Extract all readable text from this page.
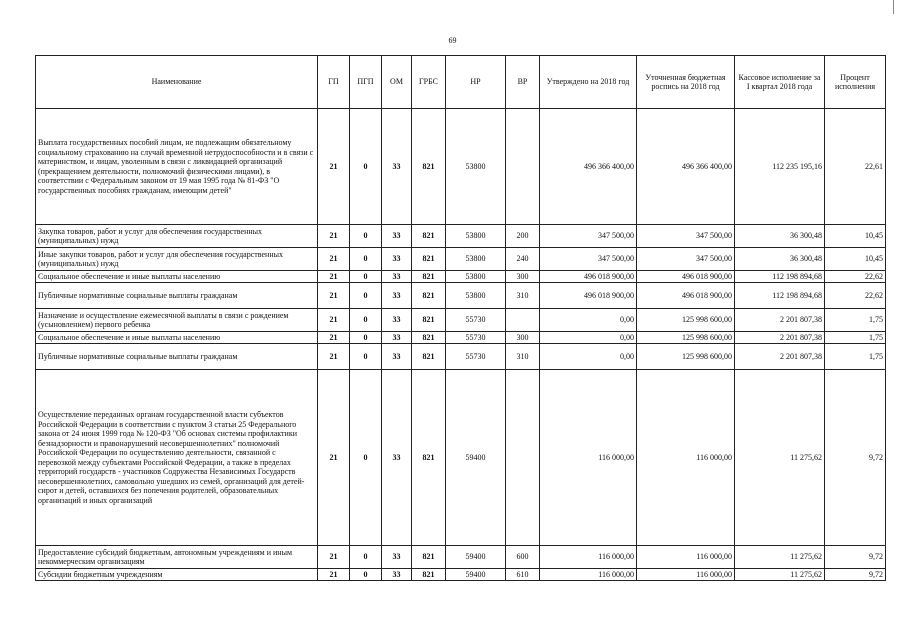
69
Наименование	ГП	ПГП	ОМ	ГРБС	НР	ВР	Утверждено на 2018 год	Уточненная бюджетная роспись на 2018 год	Кассовое исполнение за I квартал 2018 года	Процент исполнения
Выплата государственных пособий лицам, не подлежащим обязательному социальному страхованию на случай временной нетрудоспособности и в связи с материнством, и лицам, уволенным в связи с ликвидацией организаций (прекращением деятельности, полномочий физическими лицами), в соответствии с Федеральным законом от 19 мая 1995 года № 81-ФЗ "О государственных пособиях гражданам, имеющим детей"	21	0	33	821	53800		496 366 400,00	496 366 400,00	112 235 195,16	22,61
Закупка товаров, работ и услуг для обеспечения государственных (муниципальных) нужд	21	0	33	821	53800	200	347 500,00	347 500,00	36 300,48	10,45
Иные закупки товаров, работ и услуг для обеспечения государственных (муниципальных) нужд	21	0	33	821	53800	240	347 500,00	347 500,00	36 300,48	10,45
Социальное обеспечение и иные выплаты населению	21	0	33	821	53800	300	496 018 900,00	496 018 900,00	112 198 894,68	22,62
Публичные нормативные социальные выплаты гражданам	21	0	33	821	53800	310	496 018 900,00	496 018 900,00	112 198 894,68	22,62
Назначение и осуществление ежемесячной выплаты в связи с рождением (усыновлением) первого ребенка	21	0	33	821	55730		0,00	125 998 600,00	2 201 807,38	1,75
Социальное обеспечение и иные выплаты населению	21	0	33	821	55730	300	0,00	125 998 600,00	2 201 807,38	1,75
Публичные нормативные социальные выплаты гражданам	21	0	33	821	55730	310	0,00	125 998 600,00	2 201 807,38	1,75
Осуществление переданных органам государственной власти субъектов Российской Федерации в соответствии с пунктом 3 статьи 25 Федерального закона от 24 июня 1999 года № 120-ФЗ "Об основах системы профилактики безнадзорности и правонарушений несовершеннолетних" полномочий Российской Федерации по осуществлению деятельности, связанной с перевозкой между субъектами Российской Федерации, а также в пределах территорий государств - участников Содружества Независимых Государств несовершеннолетних, самовольно ушедших из семей, организаций для детей-сирот и детей, оставшихся без попечения родителей, образовательных организаций и иных организаций	21	0	33	821	59400		116 000,00	116 000,00	11 275,62	9,72
Предоставление субсидий бюджетным, автономным учреждениям и иным некоммерческим организациям	21	0	33	821	59400	600	116 000,00	116 000,00	11 275,62	9,72
Субсидии бюджетным учреждениям	21	0	33	821	59400	610	116 000,00	116 000,00	11 275,62	9,72
